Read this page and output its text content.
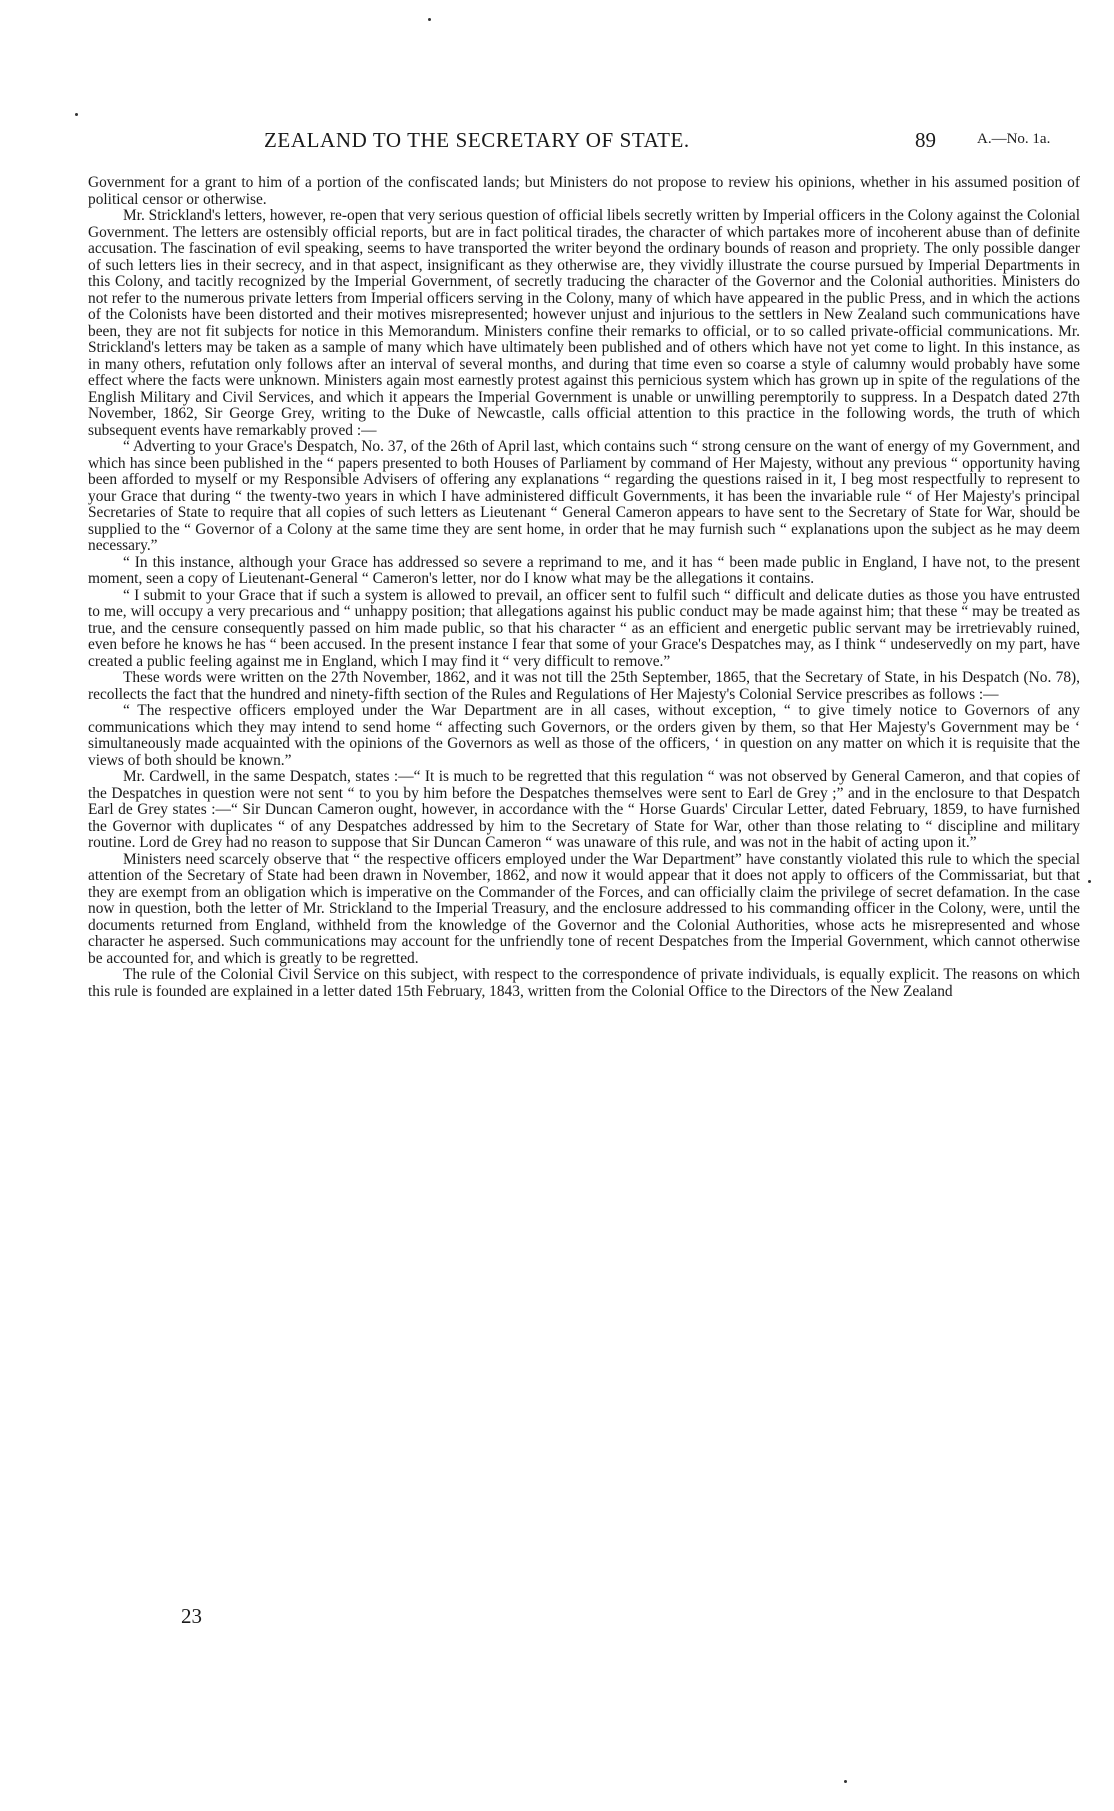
ZEALAND TO THE SECRETARY OF STATE.	89	A.—No. 1a.

Government for a grant to him of a portion of the confiscated lands; but Ministers do not propose to review his opinions, whether in his assumed position of political censor or otherwise.

Mr. Strickland's letters, however, re-open that very serious question of official libels secretly written by Imperial officers in the Colony against the Colonial Government. The letters are ostensibly official reports, but are in fact political tirades, the character of which partakes more of incoherent abuse than of definite accusation. The fascination of evil speaking, seems to have transported the writer beyond the ordinary bounds of reason and propriety. The only possible danger of such letters lies in their secrecy, and in that aspect, insignificant as they otherwise are, they vividly illustrate the course pursued by Imperial Departments in this Colony, and tacitly recognized by the Imperial Government, of secretly traducing the character of the Governor and the Colonial authorities. Ministers do not refer to the numerous private letters from Imperial officers serving in the Colony, many of which have appeared in the public Press, and in which the actions of the Colonists have been distorted and their motives misrepresented; however unjust and injurious to the settlers in New Zealand such communications have been, they are not fit subjects for notice in this Memorandum. Ministers confine their remarks to official, or to so called private-official communications. Mr. Strickland's letters may be taken as a sample of many which have ultimately been published and of others which have not yet come to light. In this instance, as in many others, refutation only follows after an interval of several months, and during that time even so coarse a style of calumny would probably have some effect where the facts were unknown. Ministers again most earnestly protest against this pernicious system which has grown up in spite of the regulations of the English Military and Civil Services, and which it appears the Imperial Government is unable or unwilling peremptorily to suppress. In a Despatch dated 27th November, 1862, Sir George Grey, writing to the Duke of Newcastle, calls official attention to this practice in the following words, the truth of which subsequent events have remarkably proved :—

“ Adverting to your Grace's Despatch, No. 37, of the 26th of April last, which contains such “ strong censure on the want of energy of my Government, and which has since been published in the “ papers presented to both Houses of Parliament by command of Her Majesty, without any previous “ opportunity having been afforded to myself or my Responsible Advisers of offering any explanations “ regarding the questions raised in it, I beg most respectfully to represent to your Grace that during “ the twenty-two years in which I have administered difficult Governments, it has been the invariable rule “ of Her Majesty's principal Secretaries of State to require that all copies of such letters as Lieutenant “ General Cameron appears to have sent to the Secretary of State for War, should be supplied to the “ Governor of a Colony at the same time they are sent home, in order that he may furnish such “ explanations upon the subject as he may deem necessary.”

“ In this instance, although your Grace has addressed so severe a reprimand to me, and it has “ been made public in England, I have not, to the present moment, seen a copy of Lieutenant-General “ Cameron's letter, nor do I know what may be the allegations it contains.

“ I submit to your Grace that if such a system is allowed to prevail, an officer sent to fulfil such “ difficult and delicate duties as those you have entrusted to me, will occupy a very precarious and “ unhappy position; that allegations against his public conduct may be made against him; that these “ may be treated as true, and the censure consequently passed on him made public, so that his character “ as an efficient and energetic public servant may be irretrievably ruined, even before he knows he has “ been accused. In the present instance I fear that some of your Grace's Despatches may, as I think “ undeservedly on my part, have created a public feeling against me in England, which I may find it “ very difficult to remove.”

These words were written on the 27th November, 1862, and it was not till the 25th September, 1865, that the Secretary of State, in his Despatch (No. 78), recollects the fact that the hundred and ninety-fifth section of the Rules and Regulations of Her Majesty's Colonial Service prescribes as follows :—

“ The respective officers employed under the War Department are in all cases, without exception, “ to give timely notice to Governors of any communications which they may intend to send home “ affecting such Governors, or the orders given by them, so that Her Majesty's Government may be ‘ simultaneously made acquainted with the opinions of the Governors as well as those of the officers, ‘ in question on any matter on which it is requisite that the views of both should be known.”

Mr. Cardwell, in the same Despatch, states :—“ It is much to be regretted that this regulation “ was not observed by General Cameron, and that copies of the Despatches in question were not sent “ to you by him before the Despatches themselves were sent to Earl de Grey ;” and in the enclosure to that Despatch Earl de Grey states :—“ Sir Duncan Cameron ought, however, in accordance with the “ Horse Guards' Circular Letter, dated February, 1859, to have furnished the Governor with duplicates “ of any Despatches addressed by him to the Secretary of State for War, other than those relating to “ discipline and military routine. Lord de Grey had no reason to suppose that Sir Duncan Cameron “ was unaware of this rule, and was not in the habit of acting upon it.”

Ministers need scarcely observe that “ the respective officers employed under the War Department” have constantly violated this rule to which the special attention of the Secretary of State had been drawn in November, 1862, and now it would appear that it does not apply to officers of the Commissariat, but that they are exempt from an obligation which is imperative on the Commander of the Forces, and can officially claim the privilege of secret defamation. In the case now in question, both the letter of Mr. Strickland to the Imperial Treasury, and the enclosure addressed to his commanding officer in the Colony, were, until the documents returned from England, withheld from the knowledge of the Governor and the Colonial Authorities, whose acts he misrepresented and whose character he aspersed. Such communications may account for the unfriendly tone of recent Despatches from the Imperial Government, which cannot otherwise be accounted for, and which is greatly to be regretted.

The rule of the Colonial Civil Service on this subject, with respect to the correspondence of private individuals, is equally explicit. The reasons on which this rule is founded are explained in a letter dated 15th February, 1843, written from the Colonial Office to the Directors of the New Zealand

23
